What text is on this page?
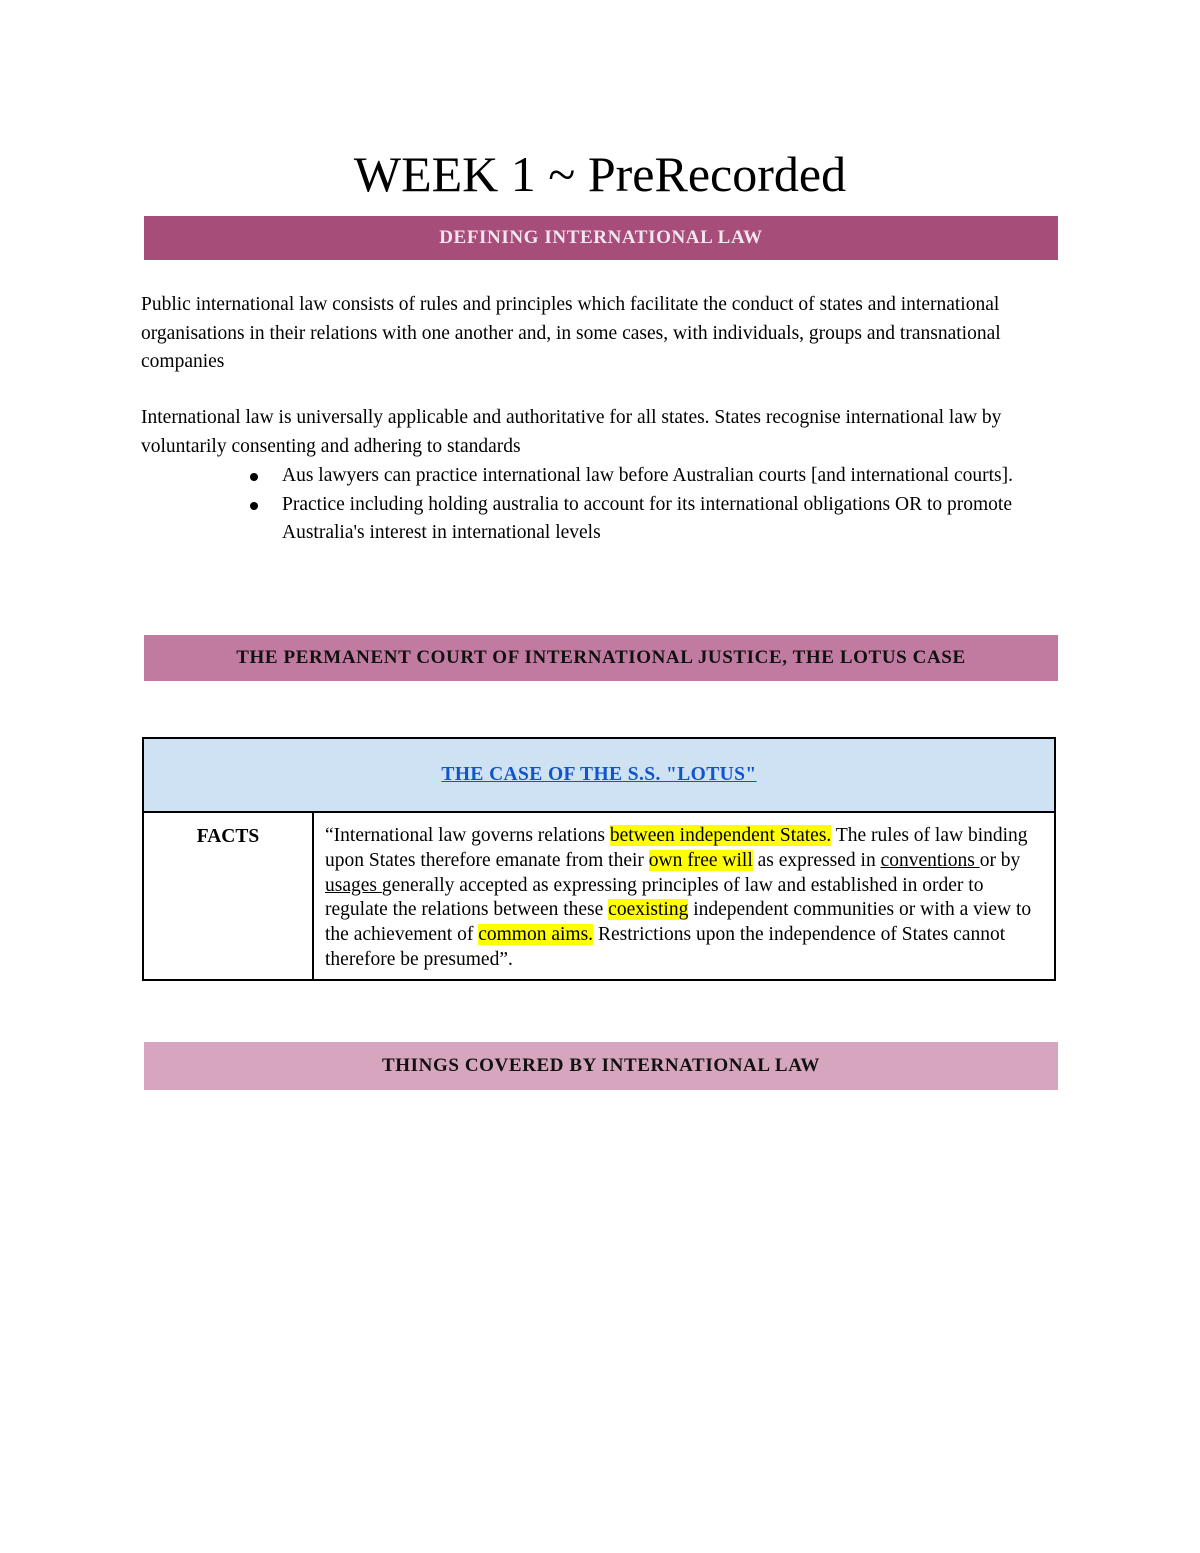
WEEK 1 ~ PreRecorded
DEFINING INTERNATIONAL LAW
Public international law consists of rules and principles which facilitate the conduct of states and international organisations in their relations with one another and, in some cases, with individuals, groups and transnational companies
International law is universally applicable and authoritative for all states. States recognise international law by voluntarily consenting and adhering to standards
Aus lawyers can practice international law before Australian courts [and international courts].
Practice including holding australia to account for its international obligations OR to promote Australia's interest in international levels
THE PERMANENT COURT OF INTERNATIONAL JUSTICE, THE LOTUS CASE
THE CASE OF THE S.S. "LOTUS"
FACTS	“International law governs relations between independent States. The rules of law binding upon States therefore emanate from their own free will as expressed in conventions or by usages generally accepted as expressing principles of law and established in order to regulate the relations between these coexisting independent communities or with a view to the achievement of common aims. Restrictions upon the independence of States cannot therefore be presumed”.
THINGS COVERED BY INTERNATIONAL LAW
